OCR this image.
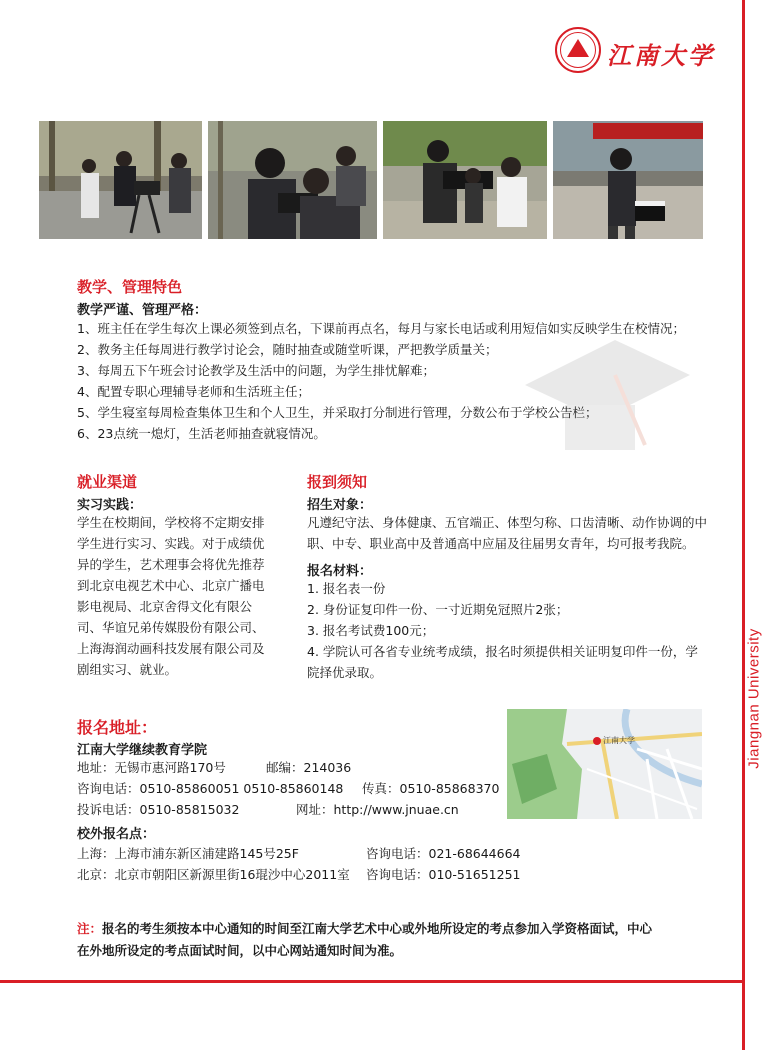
Jiangnan University
江南大学
教学、管理特色
教学严谨、管理严格：
1、班主任在学生每次上课必须签到点名，下课前再点名，每月与家长电话或利用短信如实反映学生在校情况；
2、教务主任每周进行教学讨论会，随时抽查或随堂听课，严把教学质量关；
3、每周五下午班会讨论教学及生活中的问题，为学生排忧解难；
4、配置专职心理辅导老师和生活班主任；
5、学生寝室每周检查集体卫生和个人卫生，并采取打分制进行管理，分数公布于学校公告栏；
6、23点统一熄灯，生活老师抽查就寝情况。
就业渠道
实习实践：
学生在校期间，学校将不定期安排
学生进行实习、实践。对于成绩优
异的学生，艺术理事会将优先推荐
到北京电视艺术中心、北京广播电
影电视局、北京舍得文化有限公
司、华谊兄弟传媒股份有限公司、
上海海润动画科技发展有限公司及
剧组实习、就业。
报到须知
招生对象：
凡遵纪守法、身体健康、五官端正、体型匀称、口齿清晰、动作协调的中
职、中专、职业高中及普通高中应届及往届男女青年，均可报考我院。
报名材料：
1. 报名表一份
2. 身份证复印件一份、一寸近期免冠照片2张；
3. 报名考试费100元；
4. 学院认可各省专业统考成绩，报名时须提供相关证明复印件一份，学
院择优录取。
报名地址：
江南大学继续教育学院
地址：无锡市惠河路170号	邮编：214036
咨询电话：0510-85860051 0510-85860148 传真：0510-85868370
投诉电话：0510-85815032	网址：http://www.jnuae.cn
校外报名点：
上海：上海市浦东新区浦建路145号25F	咨询电话：021-68644664
北京：北京市朝阳区新源里街16琨沙中心2011室 咨询电话：010-51651251
江南大学
注：报名的考生须按本中心通知的时间至江南大学艺术中心或外地所设定的考点参加入学资格面试，中心
在外地所设定的考点面试时间，以中心网站通知时间为准。
